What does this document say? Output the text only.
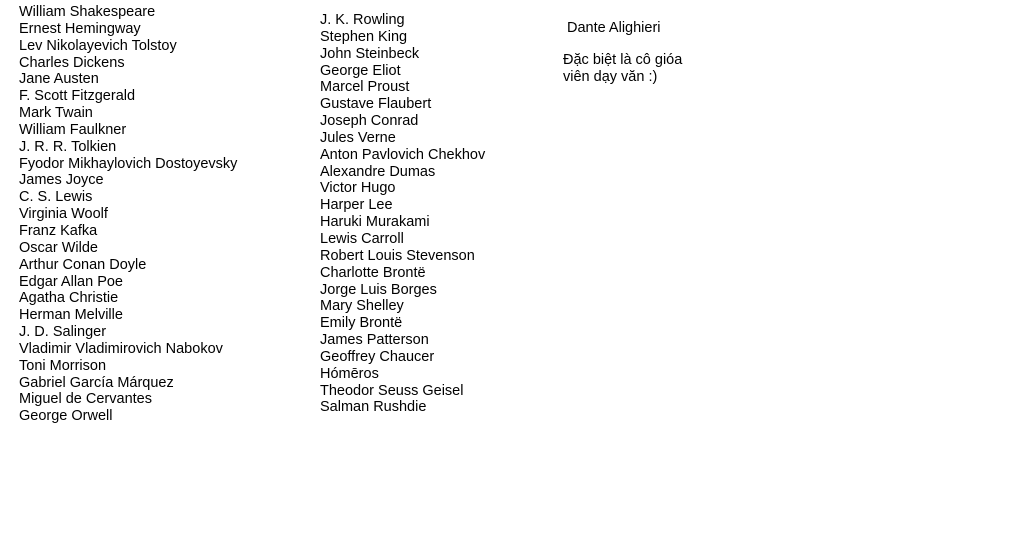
William Shakespeare
Ernest Hemingway
Lev Nikolayevich Tolstoy
Charles Dickens
Jane Austen
F. Scott Fitzgerald
Mark Twain
William Faulkner
J. R. R. Tolkien
Fyodor Mikhaylovich Dostoyevsky
James Joyce
C. S. Lewis
Virginia Woolf
Franz Kafka
Oscar Wilde
Arthur Conan Doyle
Edgar Allan Poe
Agatha Christie
Herman Melville
J. D. Salinger
Vladimir Vladimirovich Nabokov
Toni Morrison
Gabriel García Márquez
Miguel de Cervantes
George Orwell
J. K. Rowling
Stephen King
John Steinbeck
George Eliot
Marcel Proust
Gustave Flaubert
Joseph Conrad
Jules Verne
Anton Pavlovich Chekhov
Alexandre Dumas
Victor Hugo
Harper Lee
Haruki Murakami
Lewis Carroll
Robert Louis Stevenson
Charlotte Brontë
Jorge Luis Borges
Mary Shelley
Emily Brontë
James Patterson
Geoffrey Chaucer
Hómēros
Theodor Seuss Geisel
Salman Rushdie
Dante Alighieri
Đặc biệt là cô gióa viên dạy văn :)
